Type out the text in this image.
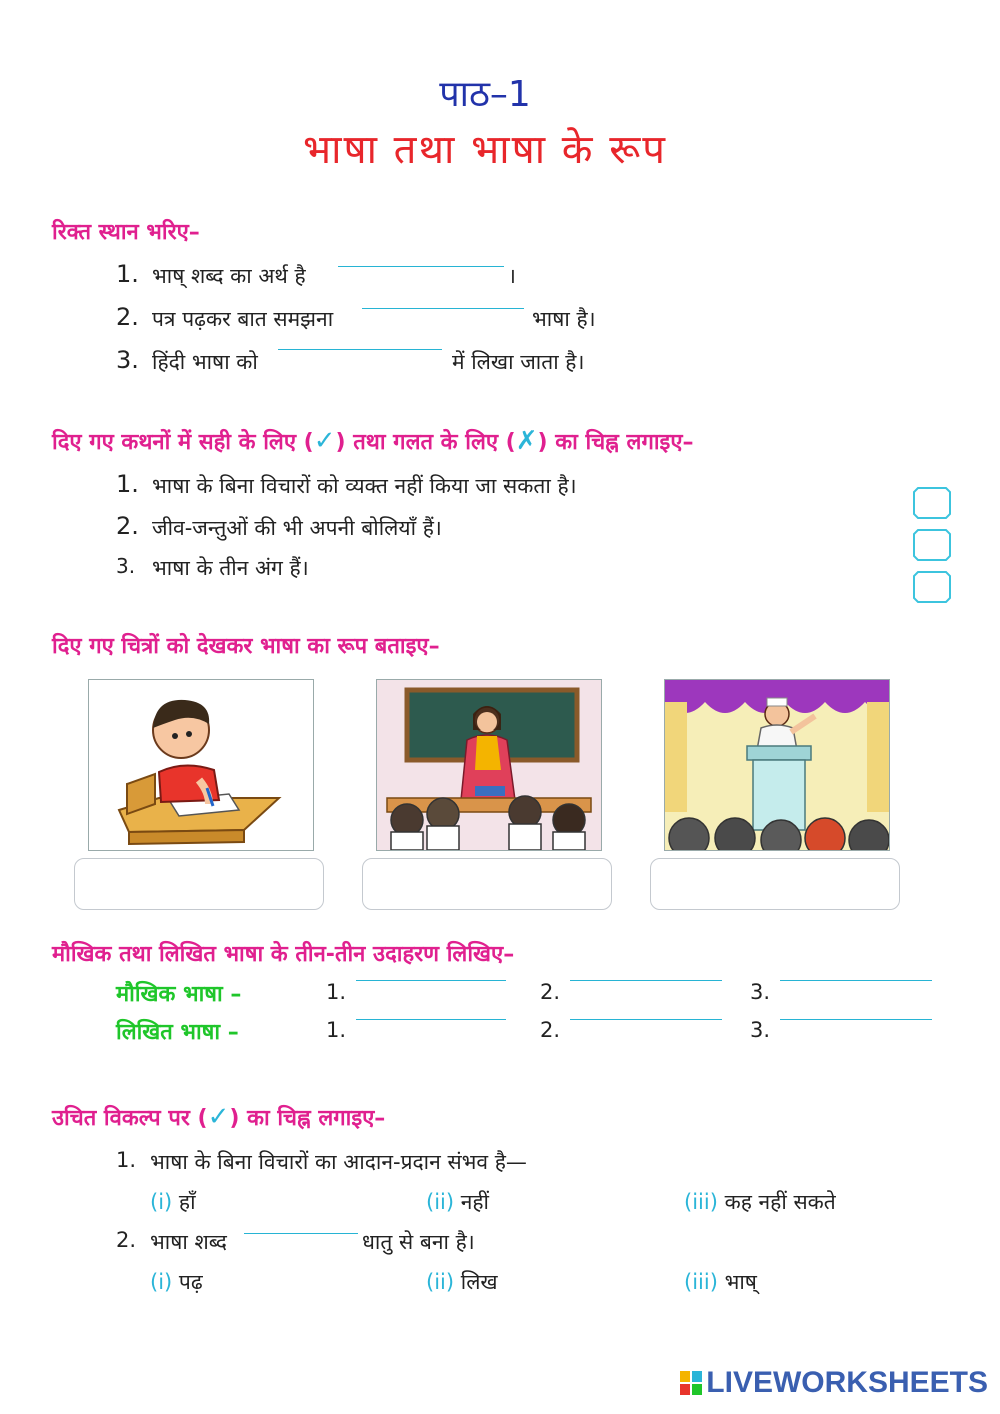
पाठ–1
भाषा तथा भाषा के रूप
रिक्त स्थान भरिए–
1. भाष् शब्द का अर्थ है	।
2. पत्र पढ़कर बात समझना	भाषा है।
3. हिंदी भाषा को	में लिखा जाता है।
दिए गए कथनों में सही के लिए (✓) तथा गलत के लिए (✗) का चिह्न लगाइए–
1. भाषा के बिना विचारों को व्यक्त नहीं किया जा सकता है।
2. जीव-जन्तुओं की भी अपनी बोलियाँ हैं।
3. भाषा के तीन अंग हैं।
दिए गए चित्रों को देखकर भाषा का रूप बताइए–
मौखिक तथा लिखित भाषा के तीन-तीन उदाहरण लिखिए–
मौखिक भाषा –	1.	2.	3.
लिखित भाषा –	1.	2.	3.
उचित विकल्प पर (✓) का चिह्न लगाइए–
1. भाषा के बिना विचारों का आदान-प्रदान संभव है—
(i) हाँ	(ii) नहीं	(iii) कह नहीं सकते
2. भाषा शब्द	धातु से बना है।
(i) पढ़	(ii) लिख	(iii) भाष्
LIVEWORKSHEETS
